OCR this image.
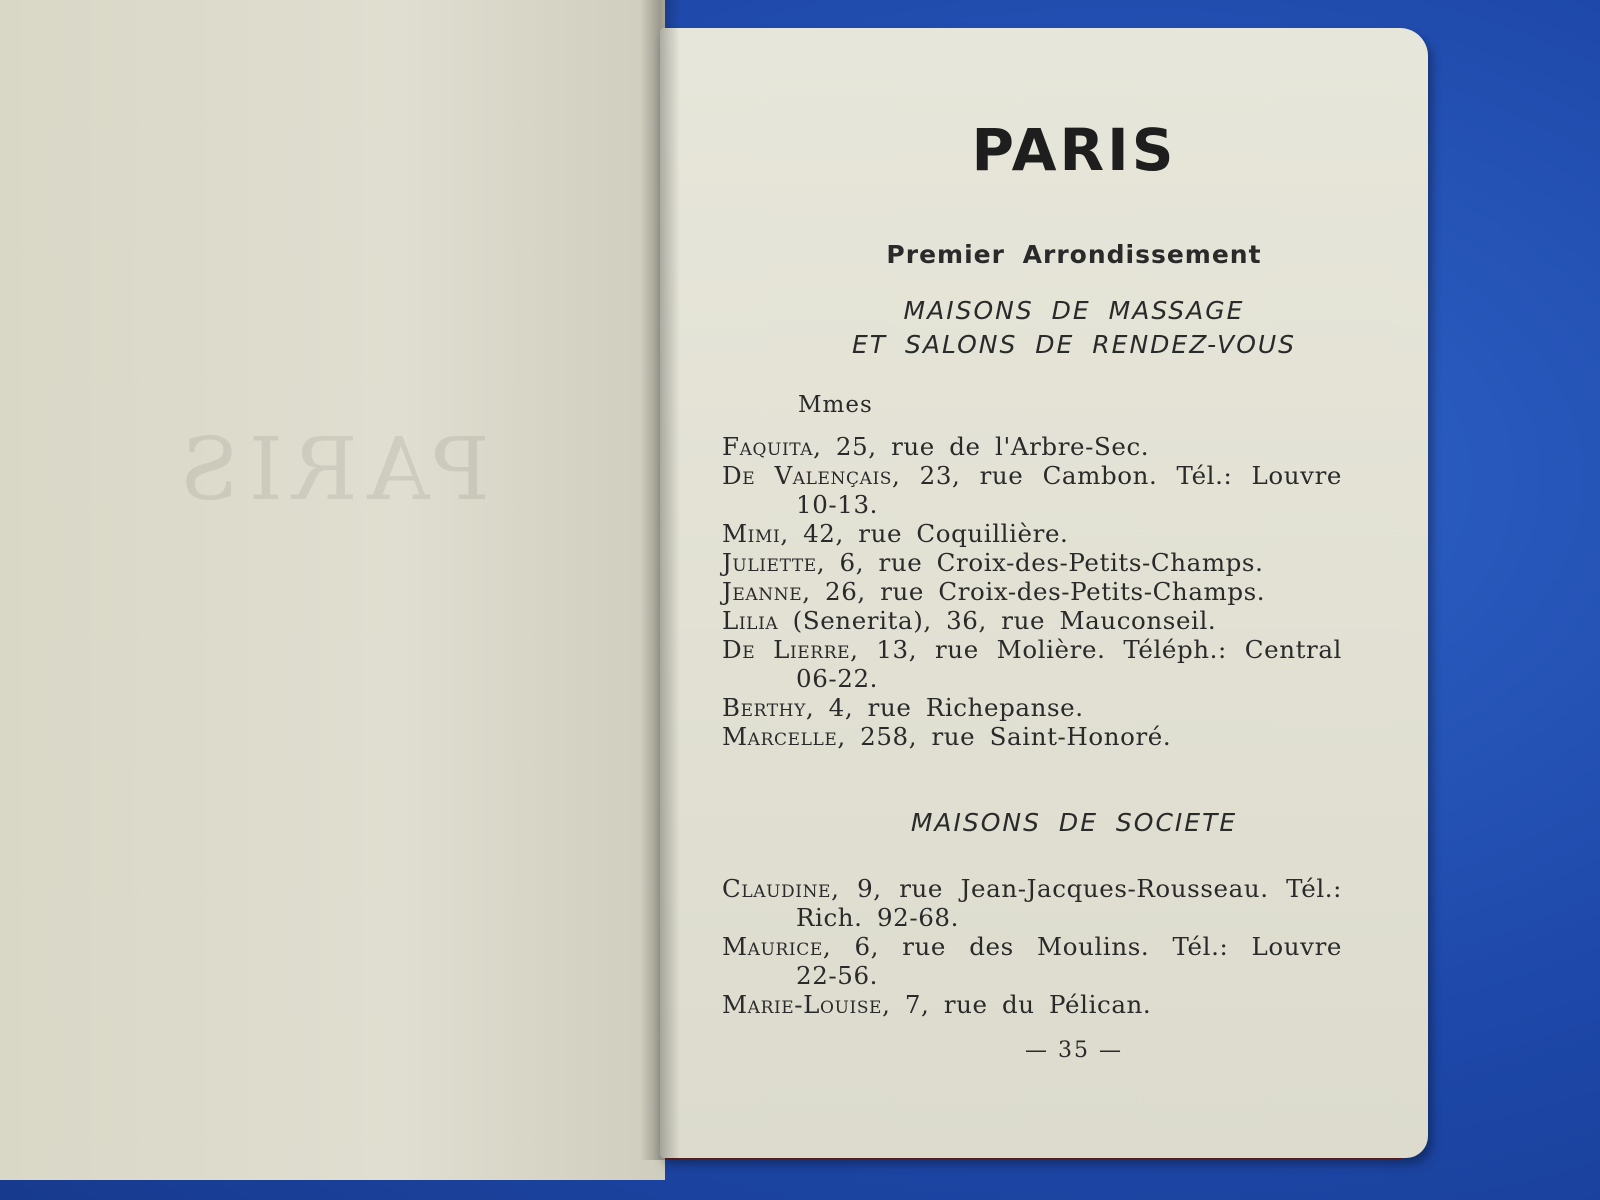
PARIS
PARIS
Premier Arrondissement
MAISONS DE MASSAGE
ET SALONS DE RENDEZ-VOUS
Mmes

Faquita, 25, rue de l'Arbre-Sec.

De Valençais, 23, rue Cambon. Tél.: Louvre 10-13.

Mimi, 42, rue Coquillière.

Juliette, 6, rue Croix-des-Petits-Champs.

Jeanne, 26, rue Croix-des-Petits-Champs.

Lilia (Senerita), 36, rue Mauconseil.

De Lierre, 13, rue Molière. Téléph.: Central 06-22.

Berthy, 4, rue Richepanse.

Marcelle, 258, rue Saint-Honoré.

MAISONS DE SOCIETE

Claudine, 9, rue Jean-Jacques-Rousseau. Tél.: Rich. 92-68.

Maurice, 6, rue des Moulins. Tél.: Louvre 22-56.

Marie-Louise, 7, rue du Pélican.

— 35 —
